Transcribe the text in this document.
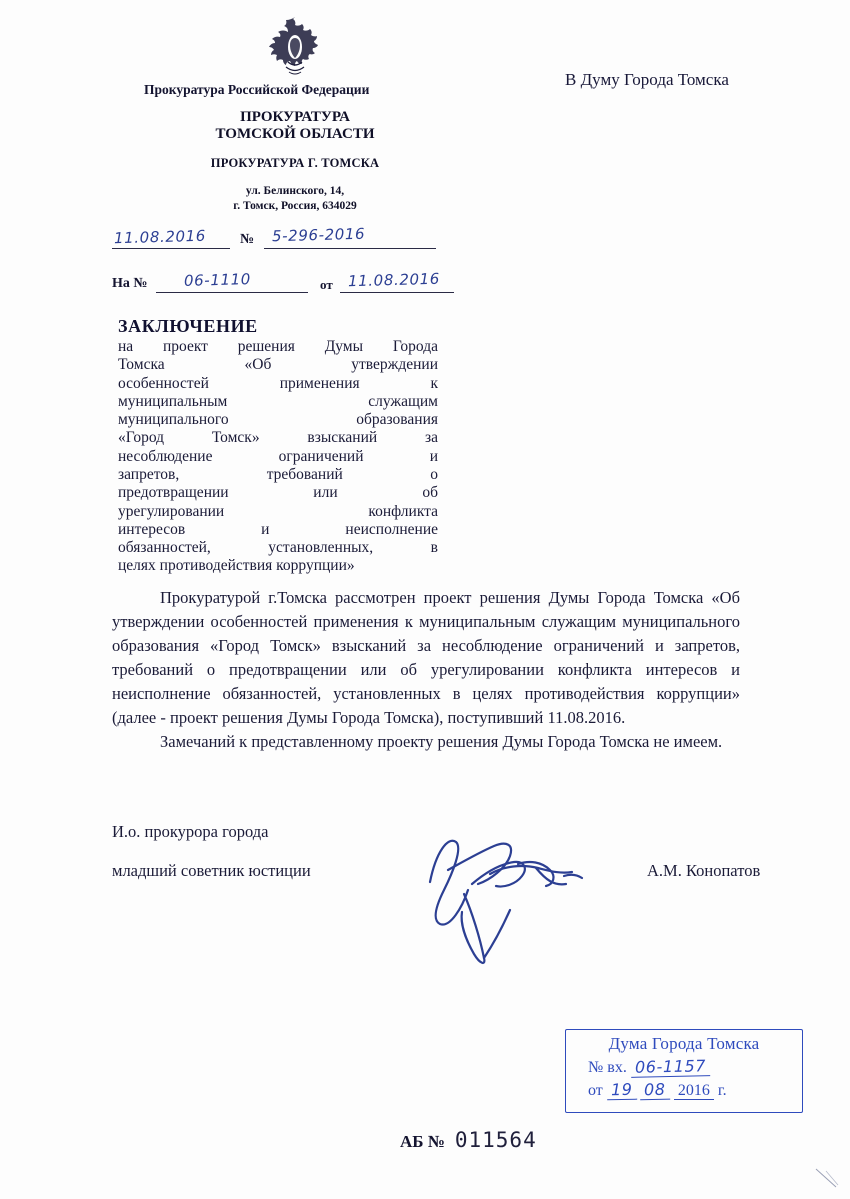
Прокуратура Российской Федерации
ПРОКУРАТУРА
ТОМСКОЙ ОБЛАСТИ
ПРОКУРАТУРА Г. ТОМСКА
ул. Белинского, 14,
г. Томск, Россия, 634029
В Думу Города Томска
11.08.2016 № 5-296-2016
На № 06-1110	от 11.08.2016
ЗАКЛЮЧЕНИЕ
на проект решения Думы Города
Томска «Об утверждении
особенностей применения к
муниципальным служащим
муниципального образования
«Город Томск» взысканий за
несоблюдение ограничений и
запретов, требований о
предотвращении или об
урегулировании конфликта
интересов и неисполнение
обязанностей, установленных, в
целях противодействия коррупции»

Прокуратурой г.Томска рассмотрен проект решения Думы Города Томска «Об утверждении особенностей применения к муниципальным служащим муниципального образования «Город Томск» взысканий за несоблюдение ограничений и запретов, требований о предотвращении или об урегулировании конфликта интересов и неисполнение обязанностей, установленных в целях противодействия коррупции» (далее - проект решения Думы Города Томска), поступивший 11.08.2016.

Замечаний к представленному проекту решения Думы Города Томска не имеем.

И.о. прокурора города
младший советник юстиции	А.М. Конопатов
Дума Города Томска
№ вх. 06-1157
от 19 08 2016 г.
АБ № 011564
